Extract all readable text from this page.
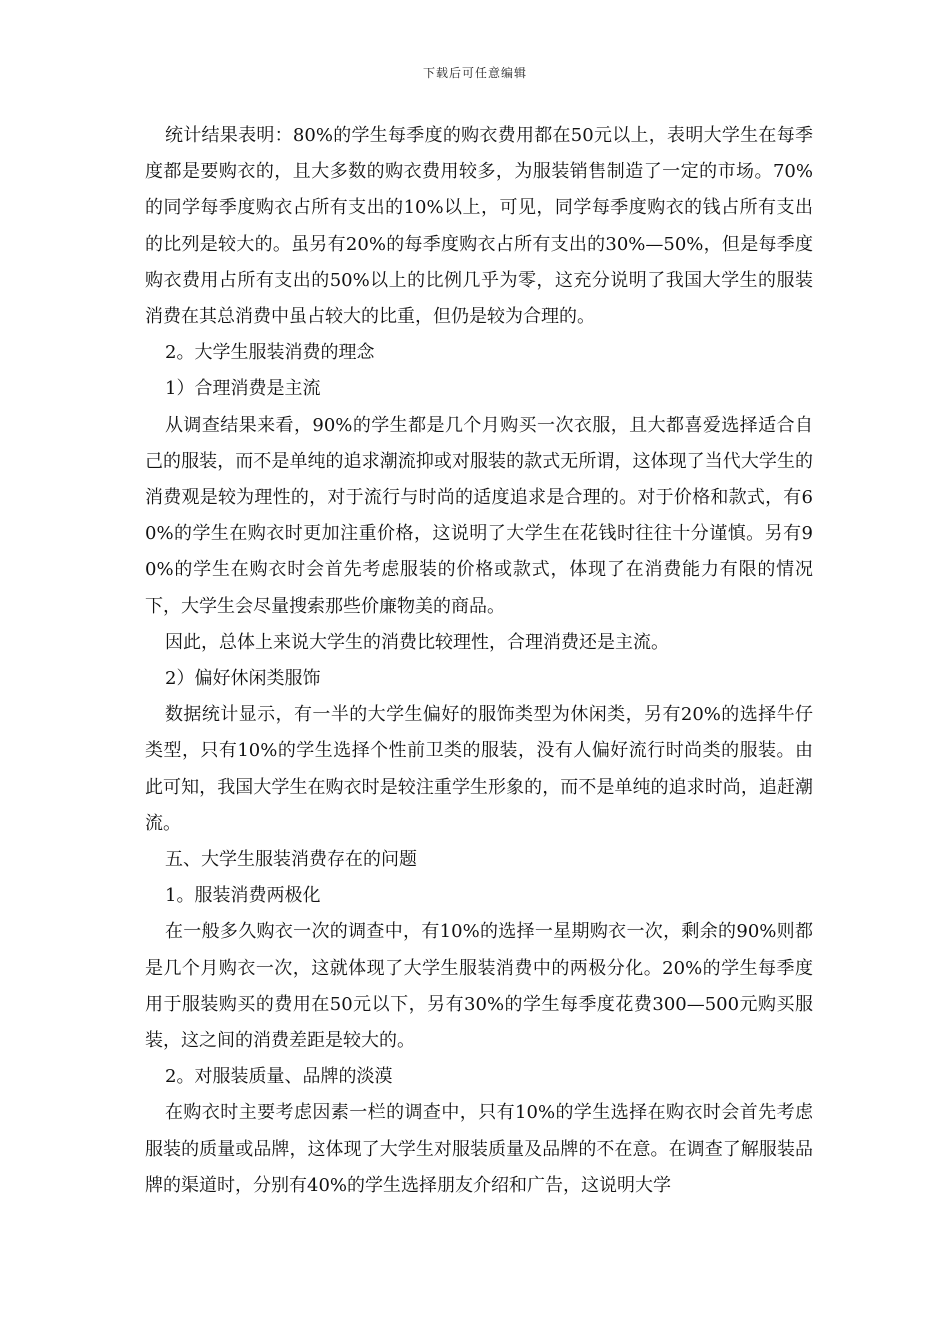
下载后可任意编辑

统计结果表明：80%的学生每季度的购衣费用都在50元以上，表明大学生在每季度都是要购衣的，且大多数的购衣费用较多，为服装销售制造了一定的市场。70%的同学每季度购衣占所有支出的10%以上，可见，同学每季度购衣的钱占所有支出的比列是较大的。虽另有20%的每季度购衣占所有支出的30%—50%，但是每季度购衣费用占所有支出的50%以上的比例几乎为零，这充分说明了我国大学生的服装消费在其总消费中虽占较大的比重，但仍是较为合理的。

2。大学生服装消费的理念

1）合理消费是主流

从调查结果来看，90%的学生都是几个月购买一次衣服，且大都喜爱选择适合自己的服装，而不是单纯的追求潮流抑或对服装的款式无所谓，这体现了当代大学生的消费观是较为理性的，对于流行与时尚的适度追求是合理的。对于价格和款式，有60%的学生在购衣时更加注重价格，这说明了大学生在花钱时往往十分谨慎。另有90%的学生在购衣时会首先考虑服装的价格或款式，体现了在消费能力有限的情况下，大学生会尽量搜索那些价廉物美的商品。

因此，总体上来说大学生的消费比较理性，合理消费还是主流。

2）偏好休闲类服饰

数据统计显示，有一半的大学生偏好的服饰类型为休闲类，另有20%的选择牛仔类型，只有10%的学生选择个性前卫类的服装，没有人偏好流行时尚类的服装。由此可知，我国大学生在购衣时是较注重学生形象的，而不是单纯的追求时尚，追赶潮流。

五、大学生服装消费存在的问题

1。服装消费两极化

在一般多久购衣一次的调查中，有10%的选择一星期购衣一次，剩余的90%则都是几个月购衣一次，这就体现了大学生服装消费中的两极分化。20%的学生每季度用于服装购买的费用在50元以下，另有30%的学生每季度花费300—500元购买服装，这之间的消费差距是较大的。

2。对服装质量、品牌的淡漠

在购衣时主要考虑因素一栏的调查中，只有10%的学生选择在购衣时会首先考虑服装的质量或品牌，这体现了大学生对服装质量及品牌的不在意。在调查了解服装品牌的渠道时，分别有40%的学生选择朋友介绍和广告，这说明大学
